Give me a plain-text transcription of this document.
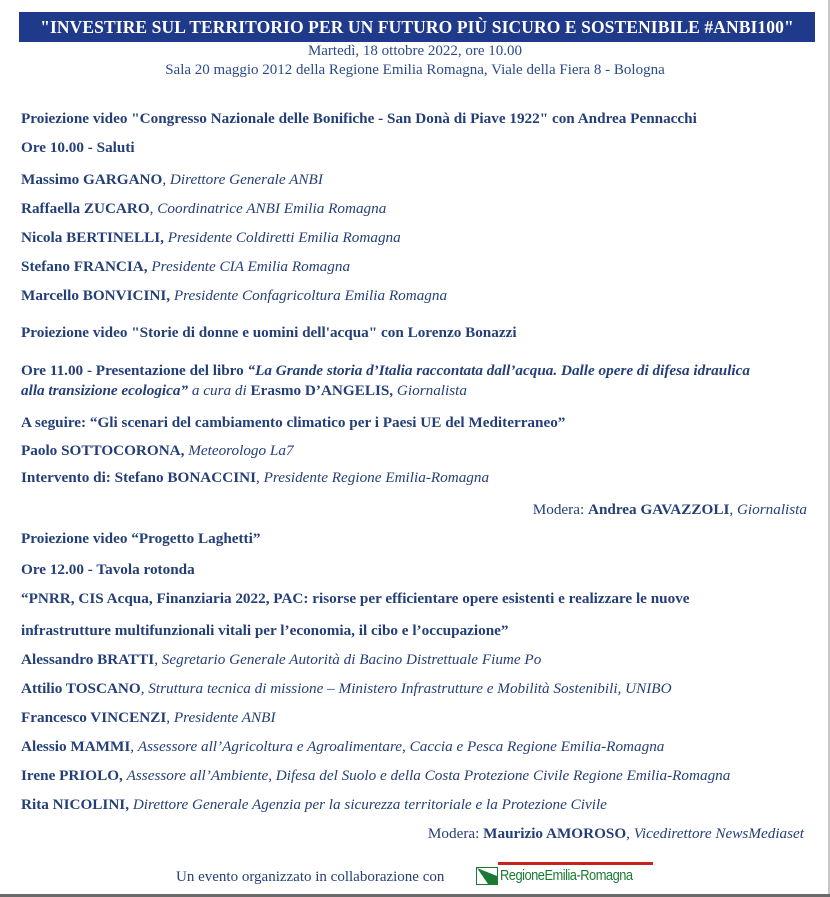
"INVESTIRE SUL TERRITORIO PER UN FUTURO PIÙ SICURO E SOSTENIBILE #ANBI100"
Martedì, 18 ottobre 2022, ore 10.00
Sala 20 maggio 2012 della Regione Emilia Romagna, Viale della Fiera 8 - Bologna
Proiezione video "Congresso Nazionale delle Bonifiche - San Donà di Piave 1922" con Andrea Pennacchi
Ore 10.00 - Saluti
Massimo GARGANO, Direttore Generale ANBI
Raffaella ZUCARO, Coordinatrice ANBI Emilia Romagna
Nicola BERTINELLI, Presidente Coldiretti Emilia Romagna
Stefano FRANCIA, Presidente CIA Emilia Romagna
Marcello BONVICINI, Presidente Confagricoltura Emilia Romagna
Proiezione video "Storie di donne e uomini dell'acqua" con Lorenzo Bonazzi
Ore 11.00 - Presentazione del libro “La Grande storia d’Italia raccontata dall’acqua. Dalle opere di difesa idraulica
alla transizione ecologica” a cura di Erasmo D’ANGELIS, Giornalista
A seguire: “Gli scenari del cambiamento climatico per i Paesi UE del Mediterraneo”
Paolo SOTTOCORONA, Meteorologo La7
Intervento di: Stefano BONACCINI, Presidente Regione Emilia-Romagna
Modera: Andrea GAVAZZOLI, Giornalista
Proiezione video “Progetto Laghetti”
Ore 12.00 - Tavola rotonda
“PNRR, CIS Acqua, Finanziaria 2022, PAC: risorse per efficientare opere esistenti e realizzare le nuove
infrastrutture multifunzionali vitali per l’economia, il cibo e l’occupazione”
Alessandro BRATTI, Segretario Generale Autorità di Bacino Distrettuale Fiume Po
Attilio TOSCANO, Struttura tecnica di missione – Ministero Infrastrutture e Mobilità Sostenibili, UNIBO
Francesco VINCENZI, Presidente ANBI
Alessio MAMMI, Assessore all’Agricoltura e Agroalimentare, Caccia e Pesca Regione Emilia-Romagna
Irene PRIOLO, Assessore all’Ambiente, Difesa del Suolo e della Costa Protezione Civile Regione Emilia-Romagna
Rita NICOLINI, Direttore Generale Agenzia per la sicurezza territoriale e la Protezione Civile
Modera: Maurizio AMOROSO, Vicedirettore NewsMediaset
Un evento organizzato in collaborazione con	RegioneEmilia-Romagna
